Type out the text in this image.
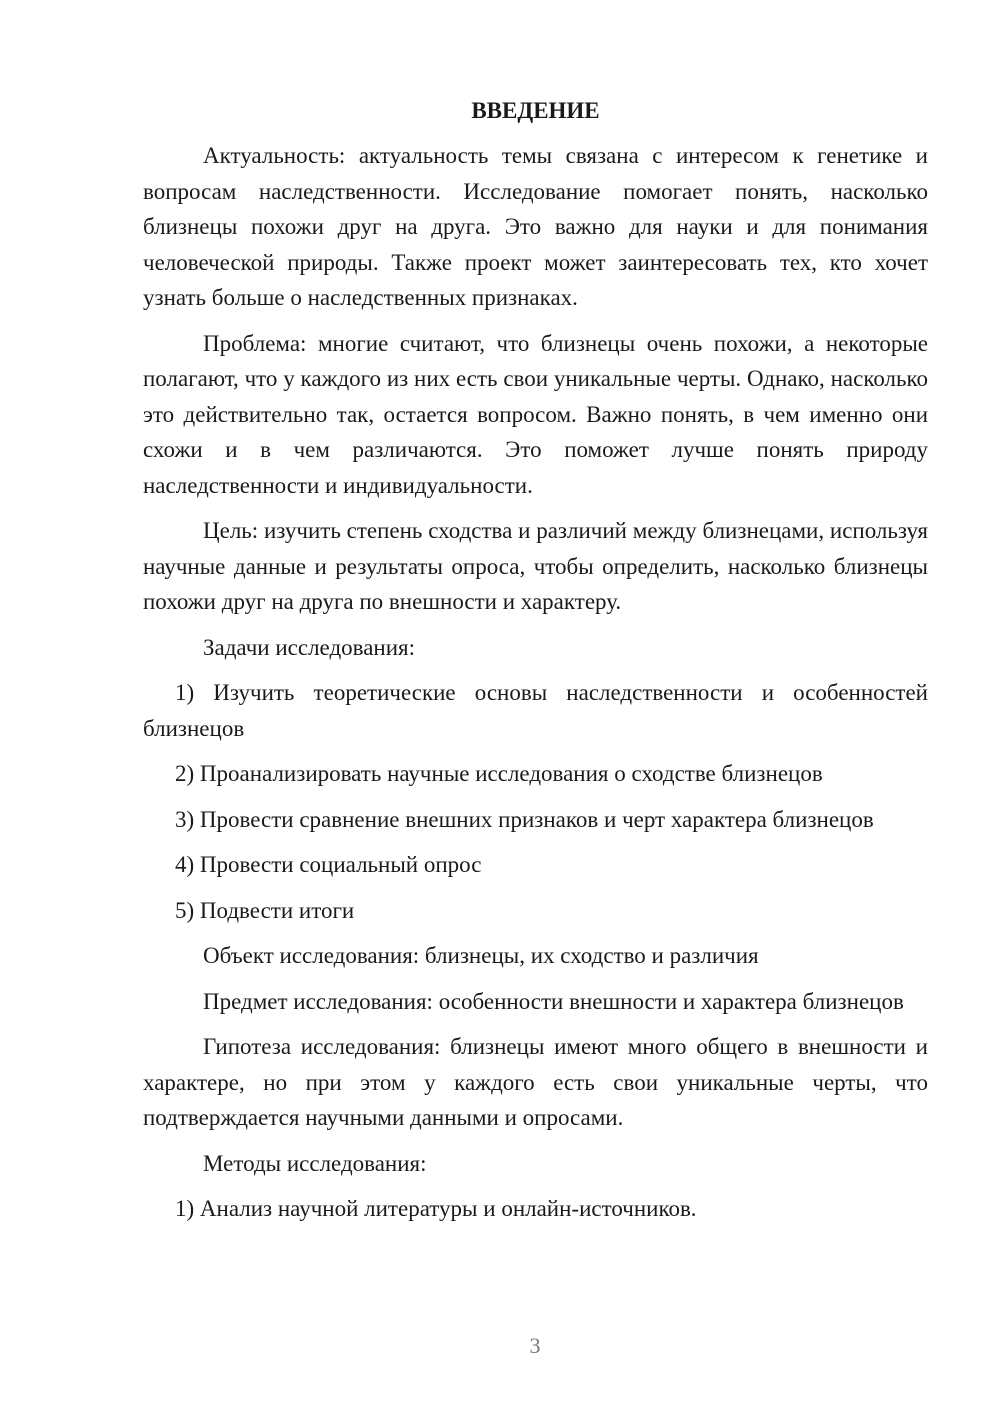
ВВЕДЕНИЕ

Актуальность: актуальность темы связана с интересом к генетике и вопросам наследственности. Исследование помогает понять, насколько близнецы похожи друг на друга. Это важно для науки и для понимания человеческой природы. Также проект может заинтересовать тех, кто хочет узнать больше о наследственных признаках.

Проблема: многие считают, что близнецы очень похожи, а некоторые полагают, что у каждого из них есть свои уникальные черты. Однако, насколько это действительно так, остается вопросом. Важно понять, в чем именно они схожи и в чем различаются. Это поможет лучше понять природу наследственности и индивидуальности.

Цель: изучить степень сходства и различий между близнецами, используя научные данные и результаты опроса, чтобы определить, насколько близнецы похожи друг на друга по внешности и характеру.

Задачи исследования:

1) Изучить теоретические основы наследственности и особенностей близнецов

2) Проанализировать научные исследования о сходстве близнецов

3) Провести сравнение внешних признаков и черт характера близнецов

4) Провести социальный опрос

5) Подвести итоги

Объект исследования: близнецы, их сходство и различия

Предмет исследования: особенности внешности и характера близнецов

Гипотеза исследования: близнецы имеют много общего в внешности и характере, но при этом у каждого есть свои уникальные черты, что подтверждается научными данными и опросами.

Методы исследования:

1) Анализ научной литературы и онлайн-источников.

3
